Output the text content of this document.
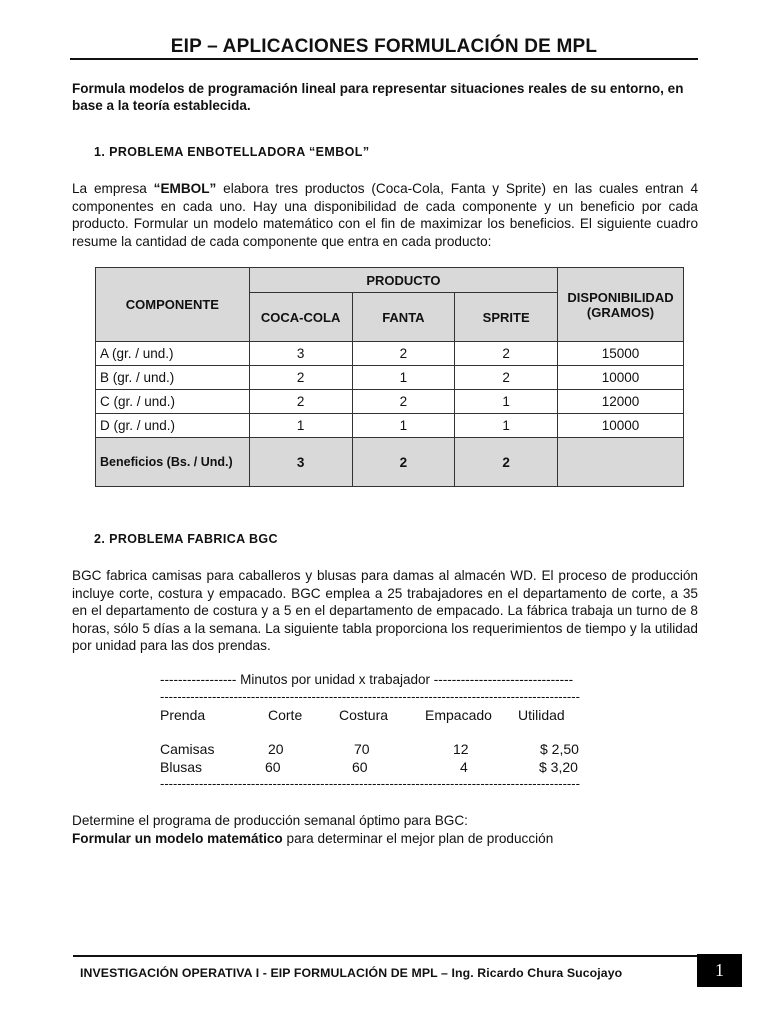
EIP – APLICACIONES FORMULACIÓN DE MPL
Formula modelos de programación lineal para representar situaciones reales de su entorno, en base a la teoría establecida.
1. PROBLEMA ENBOTELLADORA “EMBOL”
La empresa “EMBOL” elabora tres productos (Coca-Cola, Fanta y Sprite) en las cuales entran 4 componentes en cada uno. Hay una disponibilidad de cada componente y un beneficio por cada producto. Formular un modelo matemático con el fin de maximizar los beneficios. El siguiente cuadro resume la cantidad de cada componente que entra en cada producto:
COMPONENTE	PRODUCTO			DISPONIBILIDAD (GRAMOS)
	COCA-COLA	FANTA	SPRITE	
A (gr. / und.)	3	2	2	15000
B (gr. / und.)	2	1	2	10000
C (gr. / und.)	2	2	1	12000
D (gr. / und.)	1	1	1	10000
Beneficios (Bs. / Und.)	3	2	2	
2. PROBLEMA FABRICA BGC
BGC fabrica camisas para caballeros y blusas para damas al almacén WD. El proceso de producción incluye corte, costura y empacado. BGC emplea a 25 trabajadores en el departamento de corte, a 35 en el departamento de costura y a 5 en el departamento de empacado. La fábrica trabaja un turno de 8 horas, sólo 5 días a la semana. La siguiente tabla proporciona los requerimientos de tiempo y la utilidad por unidad para las dos prendas.
----------------- Minutos por unidad x trabajador -------------------------------
-------------------------------------------------------------------------------------------------
Prenda	Corte	Costura	Empacado Utilidad
Camisas	20	70	12	$ 2,50
Blusas	60	60	4	$ 3,20
-------------------------------------------------------------------------------------------------
Determine el programa de producción semanal óptimo para BGC:
Formular un modelo matemático para determinar el mejor plan de producción
INVESTIGACIÓN OPERATIVA I - EIP FORMULACIÓN DE MPL – Ing. Ricardo Chura Sucojayo	1
